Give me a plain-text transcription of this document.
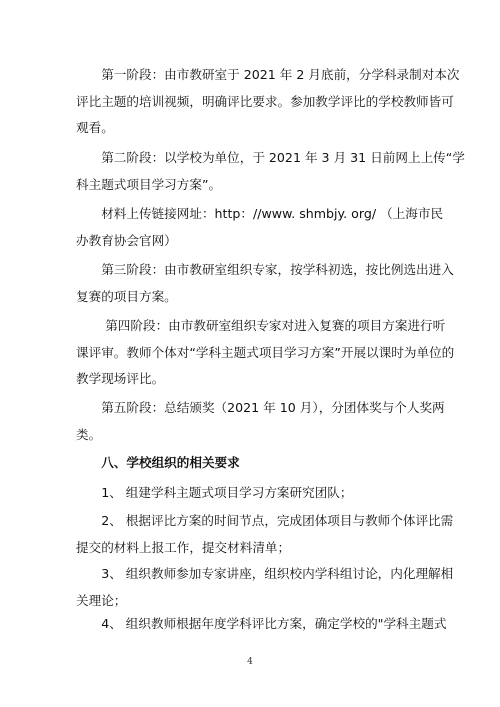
　　第一阶段：由市教研室于 2021 年 2 月底前，分学科录制对本次
评比主题的培训视频，明确评比要求。参加教学评比的学校教师皆可
观看。
　　第二阶段：以学校为单位，于 2021 年 3 月 31 日前网上上传“学
科主题式项目学习方案”。
　　材料上传链接网址：http：//www. shmbjy. org/ （上海市民
办教育协会官网）
　　第三阶段：由市教研室组织专家，按学科初选，按比例选出进入
复赛的项目方案。
　　 第四阶段：由市教研室组织专家对进入复赛的项目方案进行听
课评审。教师个体对“学科主题式项目学习方案”开展以课时为单位的
教学现场评比。
　　第五阶段：总结颁奖（2021 年 10 月），分团体奖与个人奖两
类。
　　八、学校组织的相关要求
　　1、 组建学科主题式项目学习方案研究团队；
　　2、 根据评比方案的时间节点，完成团体项目与教师个体评比需
提交的材料上报工作，提交材料清单；
　　3、 组织教师参加专家讲座，组织校内学科组讨论，内化理解相
关理论；
　　4、 组织教师根据年度学科评比方案，确定学校的"学科主题式
4
